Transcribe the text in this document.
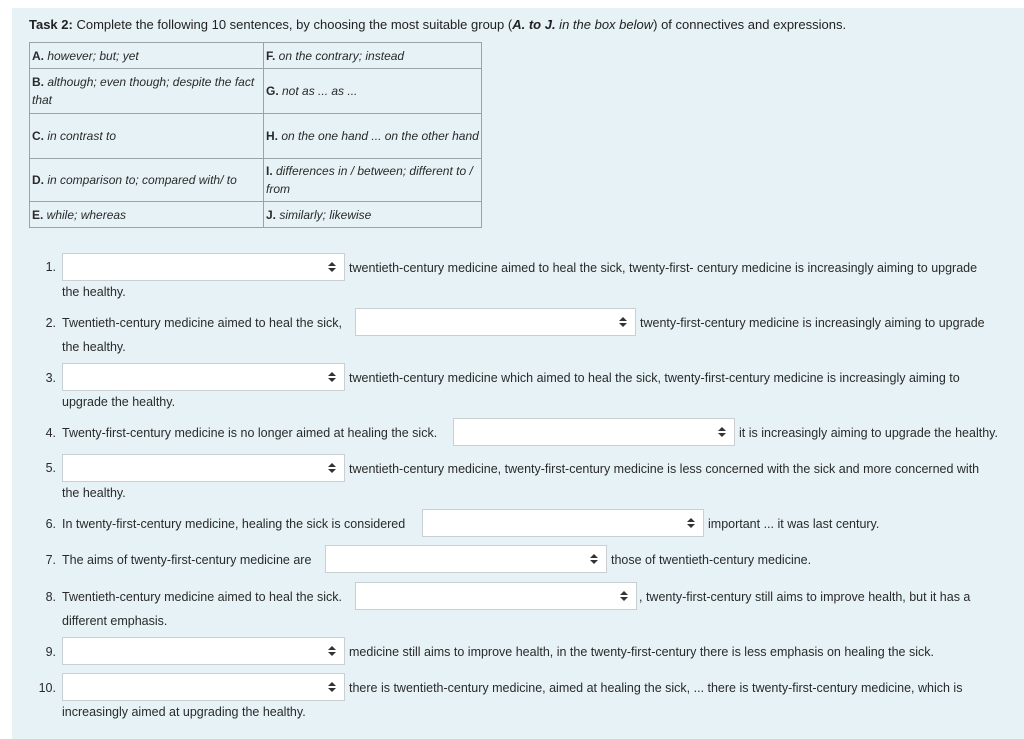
Task 2: Complete the following 10 sentences, by choosing the most suitable group (A. to J. in the box below) of connectives and expressions.
A. however; but; yet	F. on the contrary; instead
B. although; even though; despite the fact that	G. not as ... as ...
C. in contrast to	H. on the one hand ... on the other hand
D. in comparison to; compared with/ to	I. differences in / between; different to / from
E. while; whereas	J. similarly; likewise
1.	twentieth-century medicine aimed to heal the sick, twenty-first- century medicine is increasingly aiming to upgrade
the healthy.
2. Twentieth-century medicine aimed to heal the sick,	twenty-first-century medicine is increasingly aiming to upgrade
the healthy.
3.	twentieth-century medicine which aimed to heal the sick, twenty-first-century medicine is increasingly aiming to
upgrade the healthy.
4. Twenty-first-century medicine is no longer aimed at healing the sick.	it is increasingly aiming to upgrade the healthy.
5.	twentieth-century medicine, twenty-first-century medicine is less concerned with the sick and more concerned with
the healthy.
6. In twenty-first-century medicine, healing the sick is considered	important ... it was last century.
7. The aims of twenty-first-century medicine are	those of twentieth-century medicine.
8. Twentieth-century medicine aimed to heal the sick.	, twenty-first-century still aims to improve health, but it has a
different emphasis.
9.	medicine still aims to improve health, in the twenty-first-century there is less emphasis on healing the sick.
10.	there is twentieth-century medicine, aimed at healing the sick, ... there is twenty-first-century medicine, which is
increasingly aimed at upgrading the healthy.
